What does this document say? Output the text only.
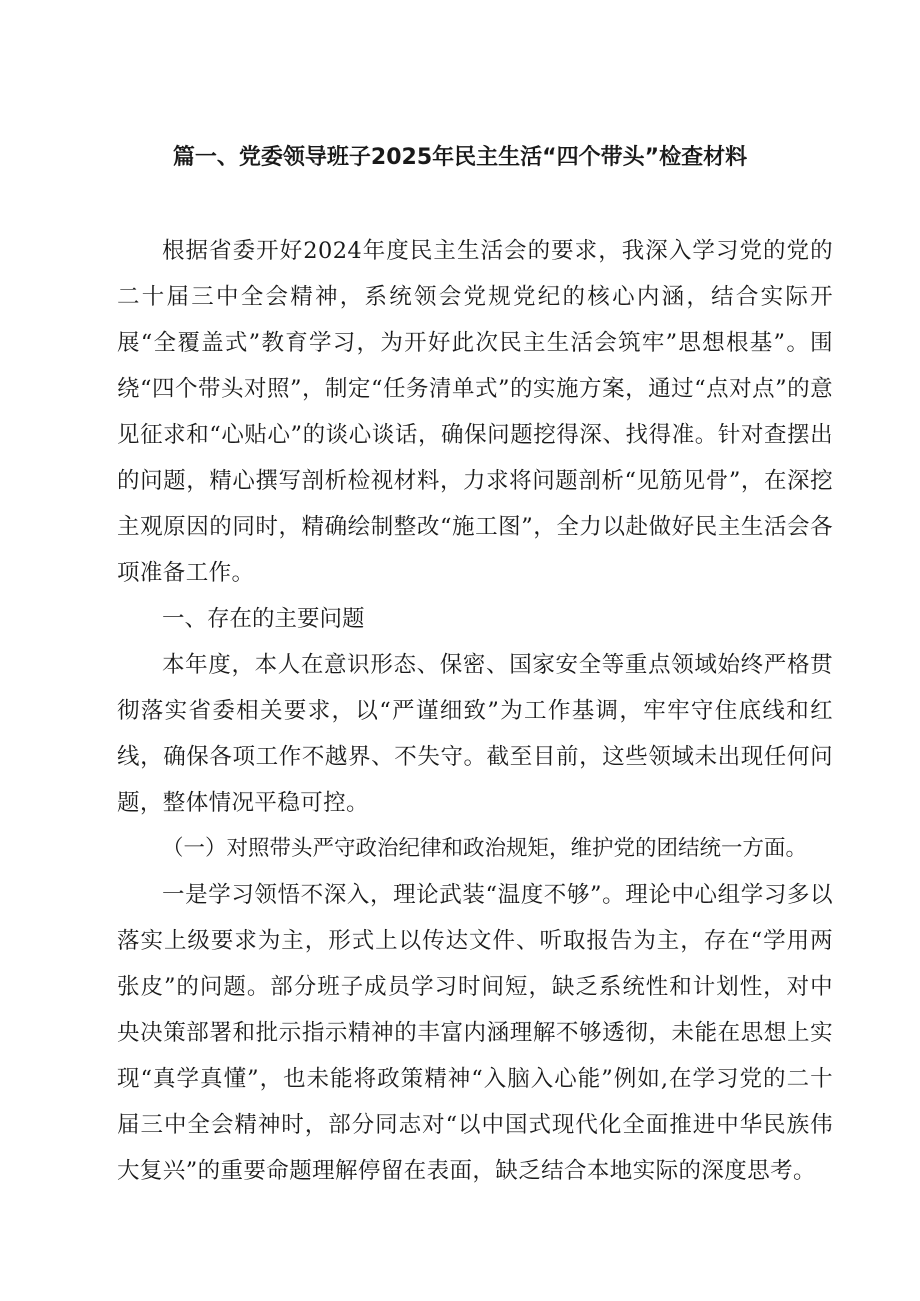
篇一、党委领导班子2025年民主生活“四个带头”检查材料

根据省委开好2024年度民主生活会的要求，我深入学习党的党的二十届三中全会精神，系统领会党规党纪的核心内涵，结合实际开展“全覆盖式”教育学习，为开好此次民主生活会筑牢”思想根基”。围绕“四个带头对照”，制定“任务清单式”的实施方案，通过“点对点”的意见征求和“心贴心”的谈心谈话，确保问题挖得深、找得准。针对查摆出的问题，精心撰写剖析检视材料，力求将问题剖析“见筋见骨”，在深挖主观原因的同时，精确绘制整改“施工图”，全力以赴做好民主生活会各项准备工作。

一、存在的主要问题

本年度，本人在意识形态、保密、国家安全等重点领域始终严格贯彻落实省委相关要求，以“严谨细致”为工作基调，牢牢守住底线和红线，确保各项工作不越界、不失守。截至目前，这些领域未出现任何问题，整体情况平稳可控。

（一）对照带头严守政治纪律和政治规矩，维护党的团结统一方面。

一是学习领悟不深入，理论武装“温度不够”。理论中心组学习多以落实上级要求为主，形式上以传达文件、听取报告为主，存在“学用两张皮”的问题。部分班子成员学习时间短，缺乏系统性和计划性，对中央决策部署和批示指示精神的丰富内涵理解不够透彻，未能在思想上实现“真学真懂”，也未能将政策精神“入脑入心能”例如,在学习党的二十届三中全会精神时，部分同志对“以中国式现代化全面推进中华民族伟大复兴”的重要命题理解停留在表面，缺乏结合本地实际的深度思考。
